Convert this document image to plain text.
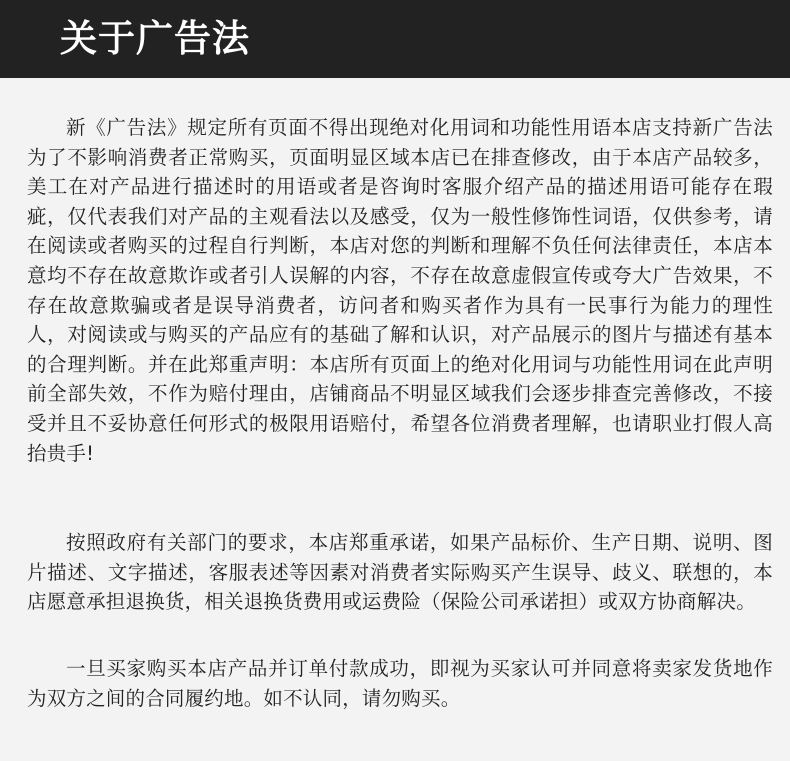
关于广告法

新《广告法》规定所有页面不得出现绝对化用词和功能性用语本店支持新广告法为了不影响消费者正常购买，页面明显区域本店已在排查修改，由于本店产品较多，美工在对产品进行描述时的用语或者是咨询时客服介绍产品的描述用语可能存在瑕疵，仅代表我们对产品的主观看法以及感受，仅为一般性修饰性词语，仅供参考，请在阅读或者购买的过程自行判断，本店对您的判断和理解不负任何法律责任，本店本意均不存在故意欺诈或者引人误解的内容，不存在故意虚假宣传或夸大广告效果，不存在故意欺骗或者是误导消费者，访问者和购买者作为具有一民事行为能力的理性人，对阅读或与购买的产品应有的基础了解和认识，对产品展示的图片与描述有基本的合理判断。并在此郑重声明：本店所有页面上的绝对化用词与功能性用词在此声明前全部失效，不作为赔付理由，店铺商品不明显区域我们会逐步排查完善修改，不接受并且不妥协意任何形式的极限用语赔付，希望各位消费者理解，也请职业打假人高抬贵手!

按照政府有关部门的要求，本店郑重承诺，如果产品标价、生产日期、说明、图片描述、文字描述，客服表述等因素对消费者实际购买产生误导、歧义、联想的，本店愿意承担退换货，相关退换货费用或运费险（保险公司承诺担）或双方协商解决。

一旦买家购买本店产品并订单付款成功，即视为买家认可并同意将卖家发货地作为双方之间的合同履约地。如不认同，请勿购买。
